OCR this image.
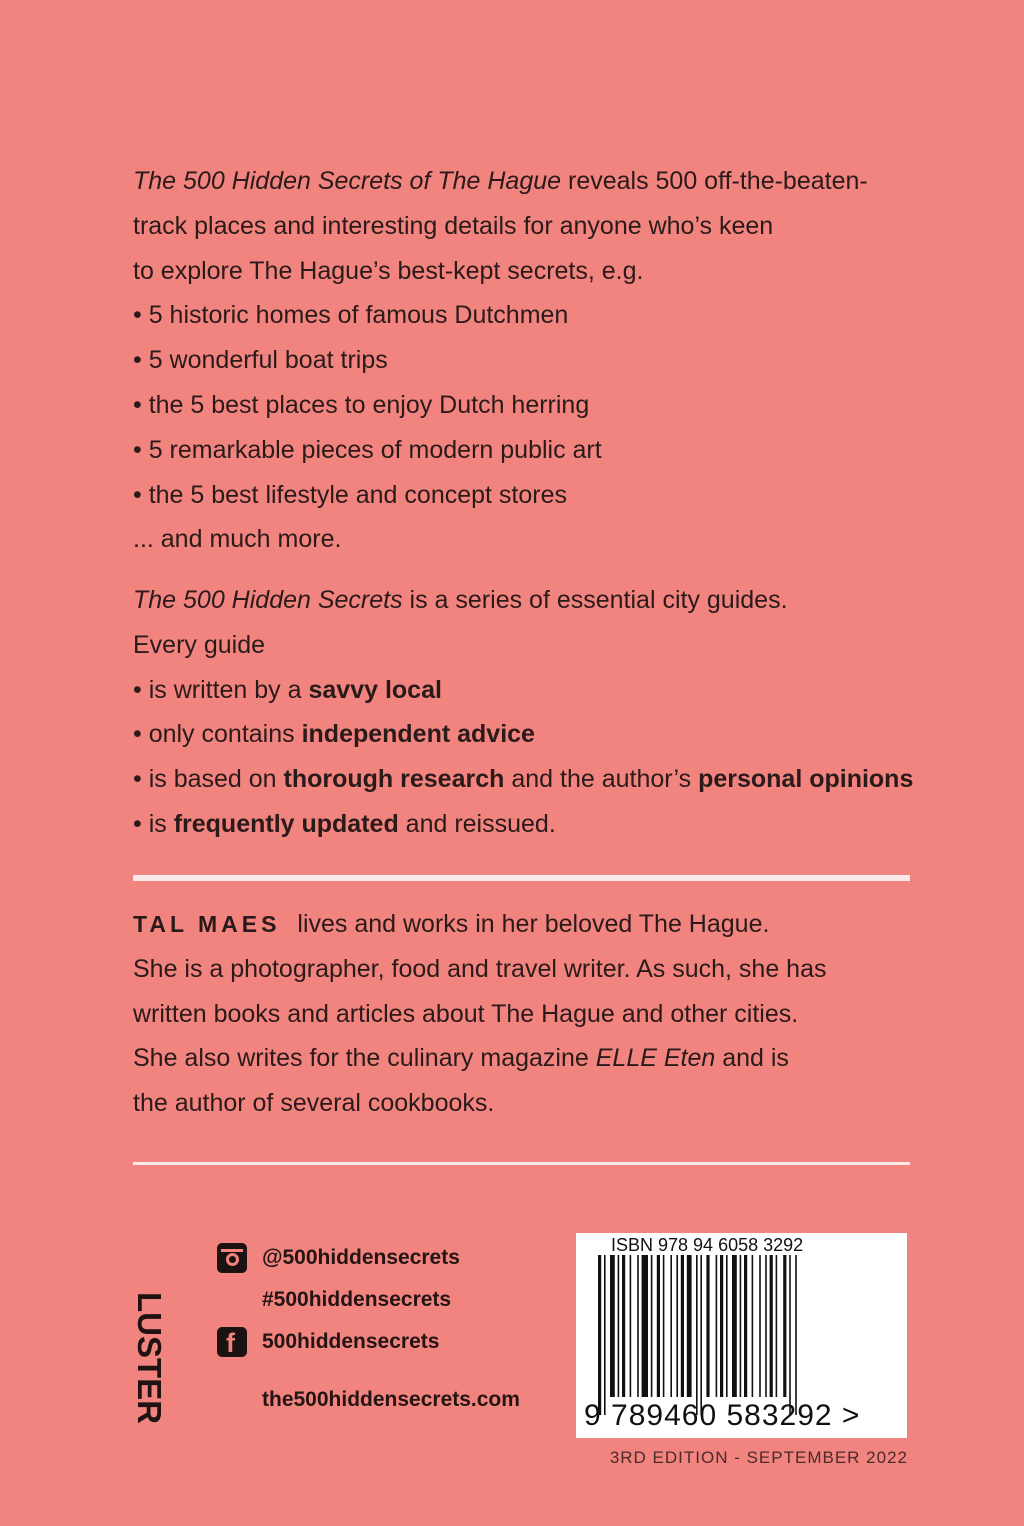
The 500 Hidden Secrets of The Hague reveals 500 off-the-beaten-
track places and interesting details for anyone who’s keen
to explore The Hague’s best-kept secrets, e.g.
• 5 historic homes of famous Dutchmen
• 5 wonderful boat trips
• the 5 best places to enjoy Dutch herring
• 5 remarkable pieces of modern public art
• the 5 best lifestyle and concept stores
... and much more.
The 500 Hidden Secrets is a series of essential city guides.
Every guide
• is written by a savvy local
• only contains independent advice
• is based on thorough research and the author’s personal opinions
• is frequently updated and reissued.
TAL MAES lives and works in her beloved The Hague.
She is a photographer, food and travel writer. As such, she has
written books and articles about The Hague and other cities.
She also writes for the culinary magazine ELLE Eten and is
the author of several cookbooks.
LUSTER
@500hiddensecrets
#500hiddensecrets
f 500hiddensecrets
the500hiddensecrets.com
ISBN 978 94 6058 3292
9 789460 583292 >
3RD EDITION - SEPTEMBER 2022
